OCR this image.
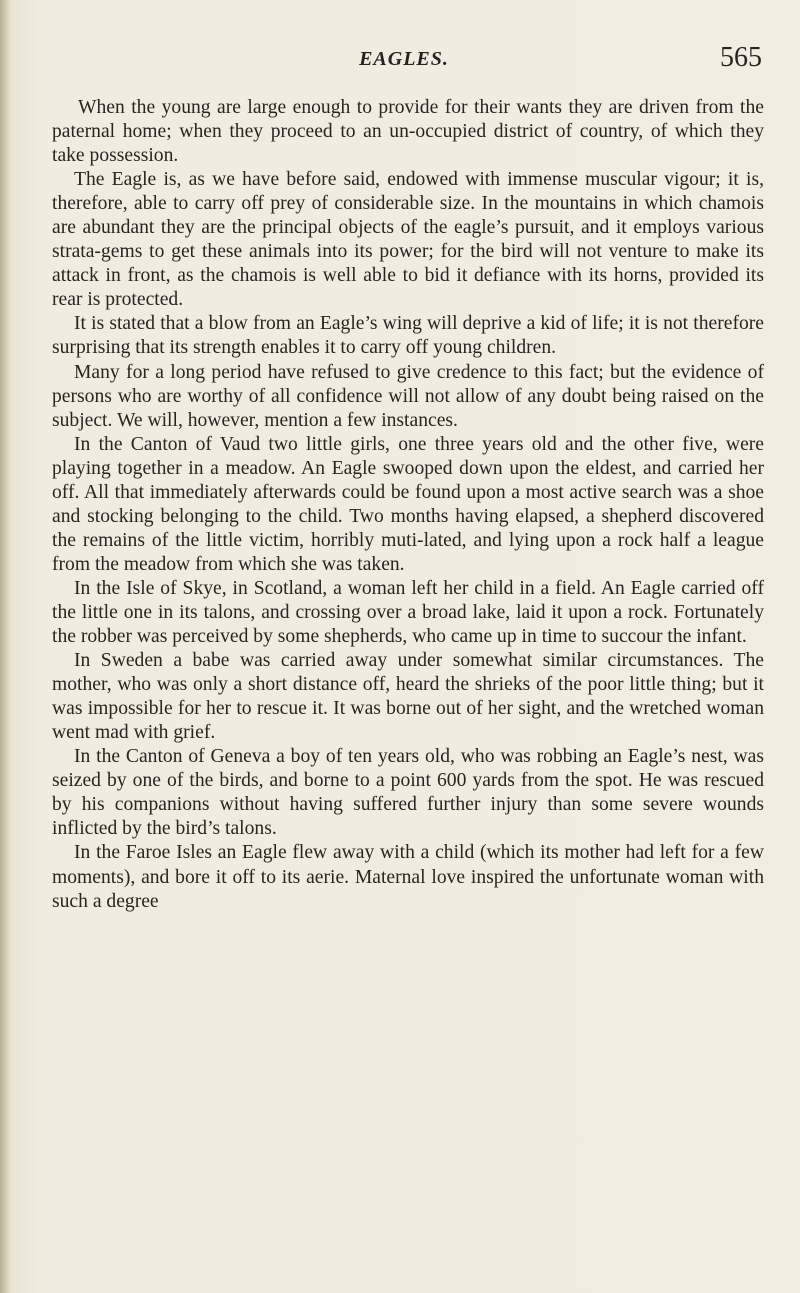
EAGLES.	565

When the young are large enough to provide for their wants they are driven from the paternal home; when they proceed to an un-occupied district of country, of which they take possession.

The Eagle is, as we have before said, endowed with immense muscular vigour; it is, therefore, able to carry off prey of considerable size. In the mountains in which chamois are abundant they are the principal objects of the eagle’s pursuit, and it employs various strata-gems to get these animals into its power; for the bird will not venture to make its attack in front, as the chamois is well able to bid it defiance with its horns, provided its rear is protected.

It is stated that a blow from an Eagle’s wing will deprive a kid of life; it is not therefore surprising that its strength enables it to carry off young children.

Many for a long period have refused to give credence to this fact; but the evidence of persons who are worthy of all confidence will not allow of any doubt being raised on the subject. We will, however, mention a few instances.

In the Canton of Vaud two little girls, one three years old and the other five, were playing together in a meadow. An Eagle swooped down upon the eldest, and carried her off. All that immediately afterwards could be found upon a most active search was a shoe and stocking belonging to the child. Two months having elapsed, a shepherd discovered the remains of the little victim, horribly muti-lated, and lying upon a rock half a league from the meadow from which she was taken.

In the Isle of Skye, in Scotland, a woman left her child in a field. An Eagle carried off the little one in its talons, and crossing over a broad lake, laid it upon a rock. Fortunately the robber was perceived by some shepherds, who came up in time to succour the infant.

In Sweden a babe was carried away under somewhat similar circumstances. The mother, who was only a short distance off, heard the shrieks of the poor little thing; but it was impossible for her to rescue it. It was borne out of her sight, and the wretched woman went mad with grief.

In the Canton of Geneva a boy of ten years old, who was robbing an Eagle’s nest, was seized by one of the birds, and borne to a point 600 yards from the spot. He was rescued by his companions without having suffered further injury than some severe wounds inflicted by the bird’s talons.

In the Faroe Isles an Eagle flew away with a child (which its mother had left for a few moments), and bore it off to its aerie. Maternal love inspired the unfortunate woman with such a degree
